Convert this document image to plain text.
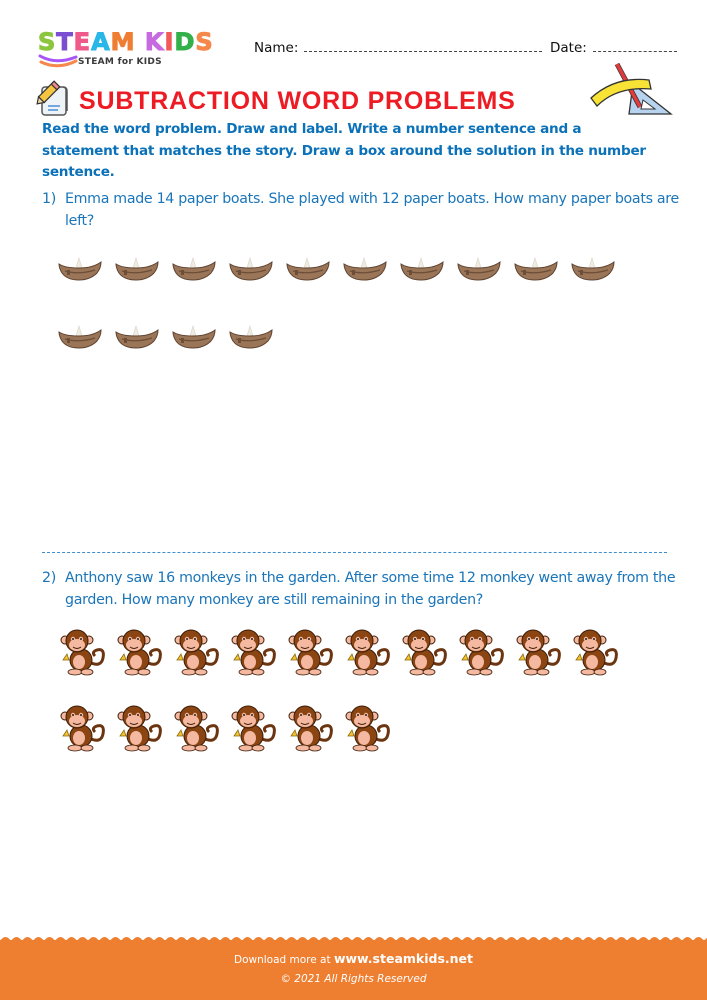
STEAM KIDS
STEAM for KIDS
Name:	Date:
SUBTRACTION WORD PROBLEMS
Read the word problem. Draw and label. Write a number sentence and a statement that matches the story. Draw a box around the solution in the number sentence.
1) Emma made 14 paper boats. She played with 12 paper boats. How many paper boats are left?
2) Anthony saw 16 monkeys in the garden. After some time 12 monkey went away from the garden. How many monkey are still remaining in the garden?
Download more at www.steamkids.net
© 2021 All Rights Reserved
